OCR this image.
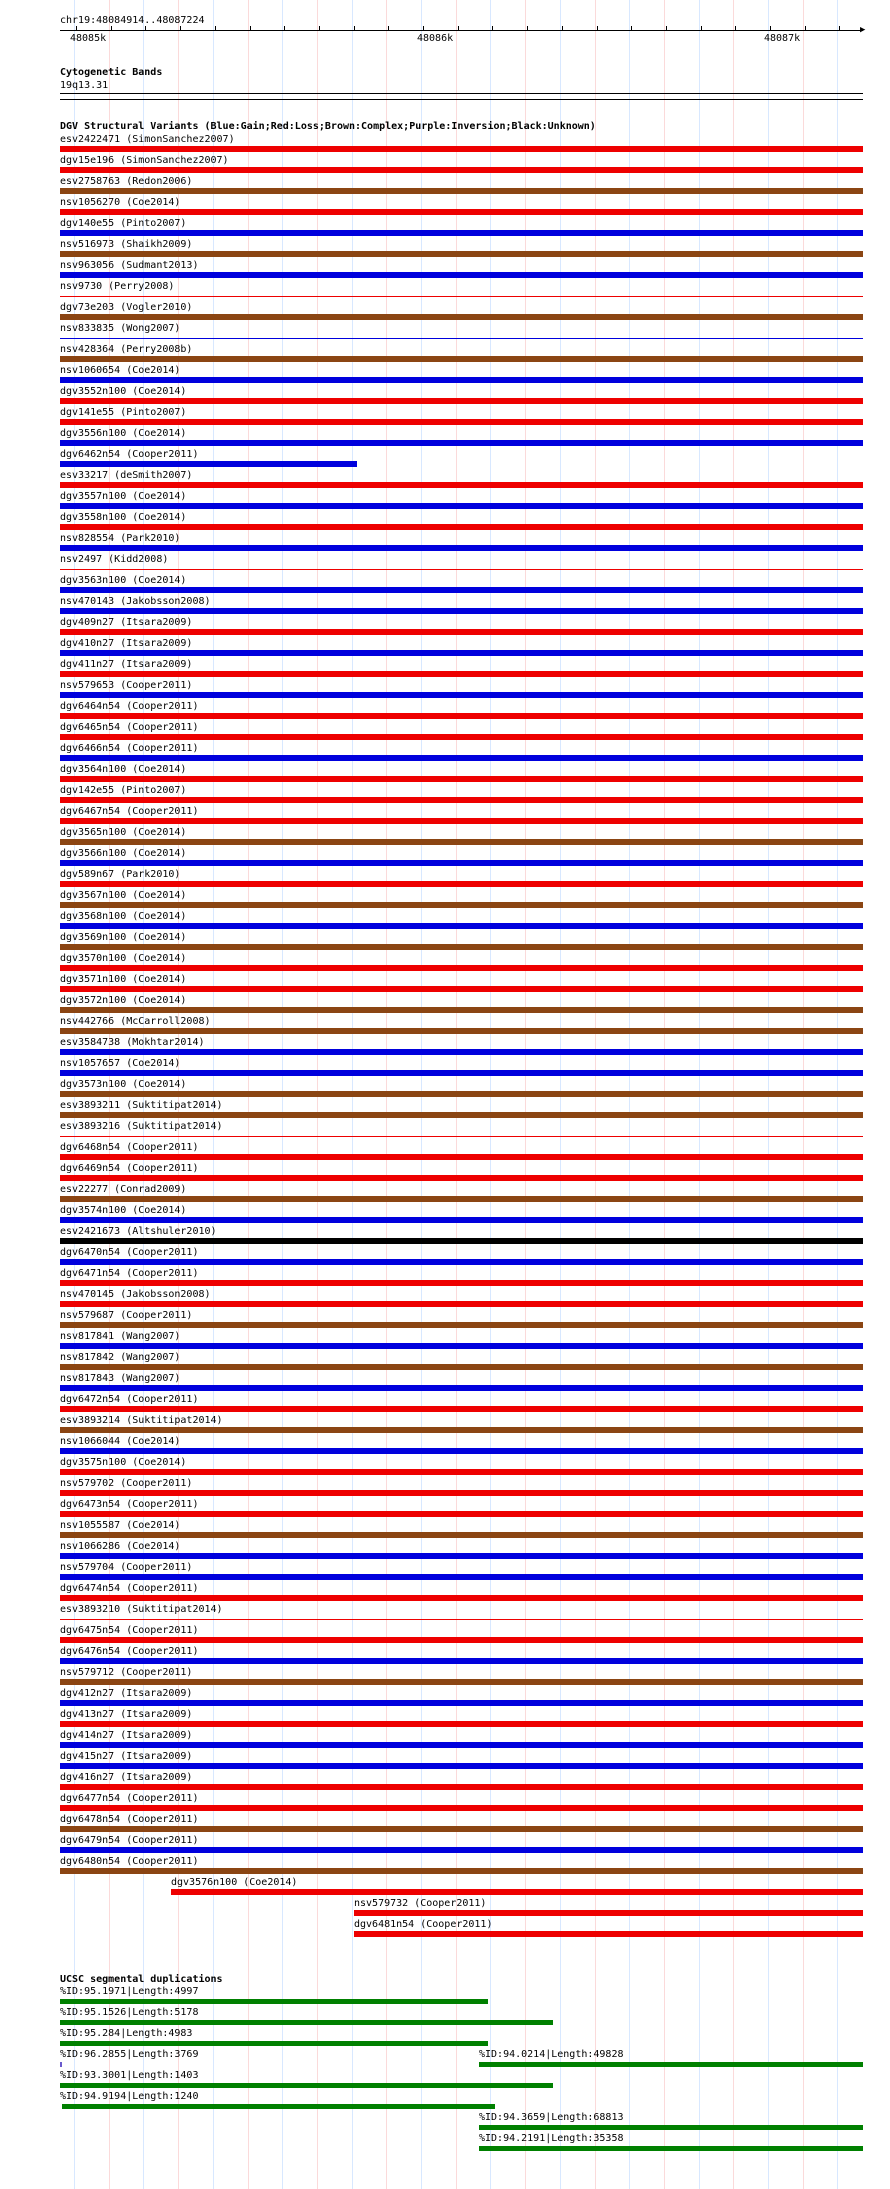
chr19:48084914..48087224
▶
48085k	48086k	48087k
Cytogenetic Bands
19q13.31
DGV Structural Variants (Blue:Gain;Red:Loss;Brown:Complex;Purple:Inversion;Black:Unknown)
esv2422471 (SimonSanchez2007)
dgv15e196 (SimonSanchez2007)
esv2758763 (Redon2006)
nsv1056270 (Coe2014)
dgv140e55 (Pinto2007)
nsv516973 (Shaikh2009)
nsv963056 (Sudmant2013)
nsv9730 (Perry2008)
dgv73e203 (Vogler2010)
nsv833835 (Wong2007)
nsv428364 (Perry2008b)
nsv1060654 (Coe2014)
dgv3552n100 (Coe2014)
dgv141e55 (Pinto2007)
dgv3556n100 (Coe2014)
dgv6462n54 (Cooper2011)
esv33217 (deSmith2007)
dgv3557n100 (Coe2014)
dgv3558n100 (Coe2014)
nsv828554 (Park2010)
nsv2497 (Kidd2008)
dgv3563n100 (Coe2014)
nsv470143 (Jakobsson2008)
dgv409n27 (Itsara2009)
dgv410n27 (Itsara2009)
dgv411n27 (Itsara2009)
nsv579653 (Cooper2011)
dgv6464n54 (Cooper2011)
dgv6465n54 (Cooper2011)
dgv6466n54 (Cooper2011)
dgv3564n100 (Coe2014)
dgv142e55 (Pinto2007)
dgv6467n54 (Cooper2011)
dgv3565n100 (Coe2014)
dgv3566n100 (Coe2014)
dgv589n67 (Park2010)
dgv3567n100 (Coe2014)
dgv3568n100 (Coe2014)
dgv3569n100 (Coe2014)
dgv3570n100 (Coe2014)
dgv3571n100 (Coe2014)
dgv3572n100 (Coe2014)
nsv442766 (McCarroll2008)
esv3584738 (Mokhtar2014)
nsv1057657 (Coe2014)
dgv3573n100 (Coe2014)
esv3893211 (Suktitipat2014)
esv3893216 (Suktitipat2014)
dgv6468n54 (Cooper2011)
dgv6469n54 (Cooper2011)
esv22277 (Conrad2009)
dgv3574n100 (Coe2014)
esv2421673 (Altshuler2010)
dgv6470n54 (Cooper2011)
dgv6471n54 (Cooper2011)
nsv470145 (Jakobsson2008)
nsv579687 (Cooper2011)
nsv817841 (Wang2007)
nsv817842 (Wang2007)
nsv817843 (Wang2007)
dgv6472n54 (Cooper2011)
esv3893214 (Suktitipat2014)
nsv1066044 (Coe2014)
dgv3575n100 (Coe2014)
nsv579702 (Cooper2011)
dgv6473n54 (Cooper2011)
nsv1055587 (Coe2014)
nsv1066286 (Coe2014)
nsv579704 (Cooper2011)
dgv6474n54 (Cooper2011)
esv3893210 (Suktitipat2014)
dgv6475n54 (Cooper2011)
dgv6476n54 (Cooper2011)
nsv579712 (Cooper2011)
dgv412n27 (Itsara2009)
dgv413n27 (Itsara2009)
dgv414n27 (Itsara2009)
dgv415n27 (Itsara2009)
dgv416n27 (Itsara2009)
dgv6477n54 (Cooper2011)
dgv6478n54 (Cooper2011)
dgv6479n54 (Cooper2011)
dgv6480n54 (Cooper2011)
dgv3576n100 (Coe2014)
nsv579732 (Cooper2011)
dgv6481n54 (Cooper2011)
UCSC segmental duplications
%ID:95.1971|Length:4997
%ID:95.1526|Length:5178
%ID:95.284|Length:4983
%ID:96.2855|Length:3769	%ID:94.0214|Length:49828
%ID:93.3001|Length:1403
%ID:94.9194|Length:1240
%ID:94.3659|Length:68813
%ID:94.2191|Length:35358
